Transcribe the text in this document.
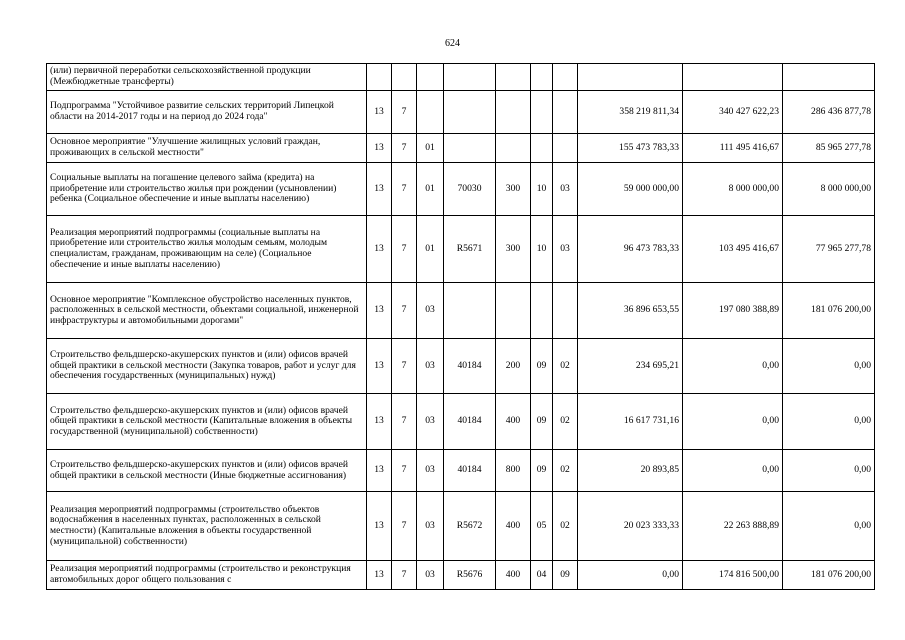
624
(или) первичной переработки сельскохозяйственной продукции (Межбюджетные трансферты)										
Подпрограмма "Устойчивое развитие сельских территорий Липецкой области на 2014-2017 годы и на период до 2024 года"	13	7						358 219 811,34	340 427 622,23	286 436 877,78
Основное мероприятие "Улучшение жилищных условий граждан, проживающих в сельской местности"	13	7	01					155 473 783,33	111 495 416,67	85 965 277,78
Социальные выплаты на погашение целевого займа (кредита) на приобретение или строительство жилья при рождении (усыновлении) ребенка (Социальное обеспечение и иные выплаты населению)	13	7	01	70030	300	10	03	59 000 000,00	8 000 000,00	8 000 000,00
Реализация мероприятий подпрограммы (социальные выплаты на приобретение или строительство жилья молодым семьям, молодым специалистам, гражданам, проживающим на селе) (Социальное обеспечение и иные выплаты населению)	13	7	01	R5671	300	10	03	96 473 783,33	103 495 416,67	77 965 277,78
Основное мероприятие "Комплексное обустройство населенных пунктов, расположенных в сельской местности, объектами социальной, инженерной инфраструктуры и автомобильными дорогами"	13	7	03					36 896 653,55	197 080 388,89	181 076 200,00
Строительство фельдшерско-акушерских пунктов и (или) офисов врачей общей практики в сельской местности (Закупка товаров, работ и услуг для обеспечения государственных (муниципальных) нужд)	13	7	03	40184	200	09	02	234 695,21	0,00	0,00
Строительство фельдшерско-акушерских пунктов и (или) офисов врачей общей практики в сельской местности (Капитальные вложения в объекты государственной (муниципальной) собственности)	13	7	03	40184	400	09	02	16 617 731,16	0,00	0,00
Строительство фельдшерско-акушерских пунктов и (или) офисов врачей общей практики в сельской местности (Иные бюджетные ассигнования)	13	7	03	40184	800	09	02	20 893,85	0,00	0,00
Реализация мероприятий подпрограммы (строительство объектов водоснабжения в населенных пунктах, расположенных в сельской местности) (Капитальные вложения в объекты государственной (муниципальной) собственности)	13	7	03	R5672	400	05	02	20 023 333,33	22 263 888,89	0,00
Реализация мероприятий подпрограммы (строительство и реконструкция автомобильных дорог общего пользования с	13	7	03	R5676	400	04	09	0,00	174 816 500,00	181 076 200,00
